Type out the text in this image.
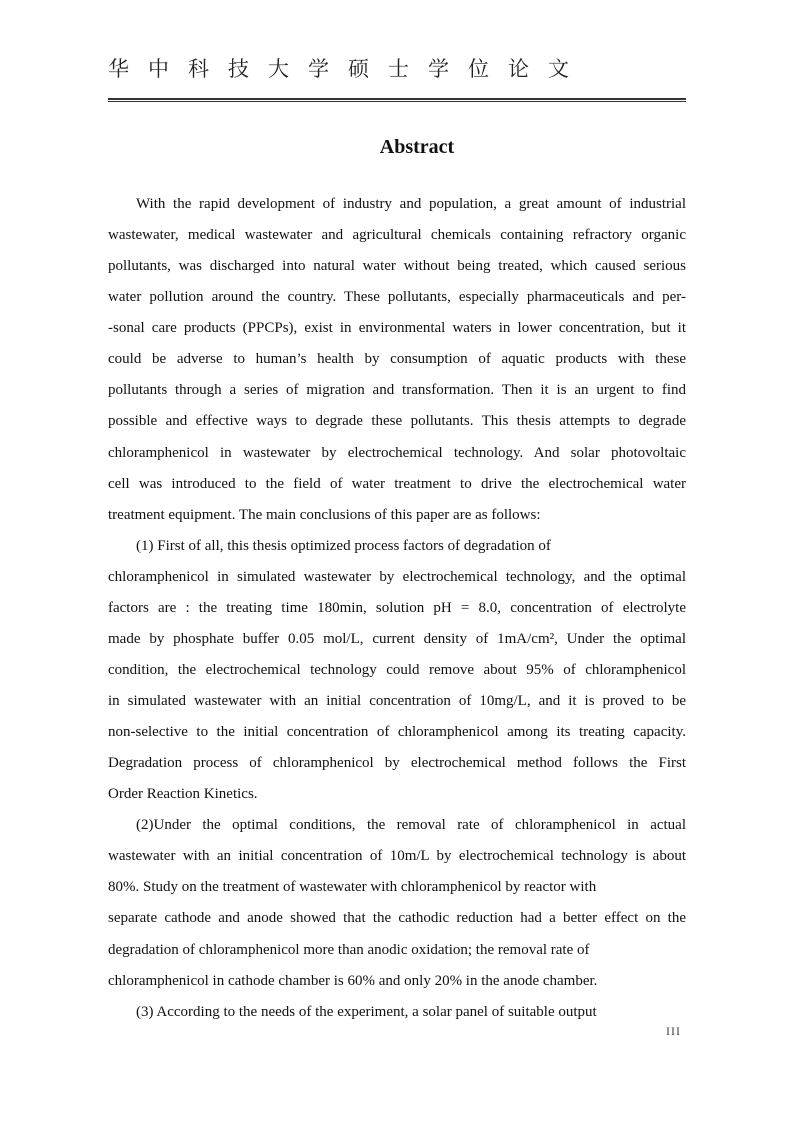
华中科技大学硕士学位论文
Abstract
With the rapid development of industry and population, a great amount of industrial
wastewater, medical wastewater and agricultural chemicals containing refractory organic
pollutants, was discharged into natural water without being treated, which caused serious
water pollution around the country. These pollutants, especially pharmaceuticals and per-
-sonal care products (PPCPs), exist in environmental waters in lower concentration, but it
could be adverse to human’s health by consumption of aquatic products with these
pollutants through a series of migration and transformation. Then it is an urgent to find
possible and effective ways to degrade these pollutants. This thesis attempts to degrade
chloramphenicol in wastewater by electrochemical technology. And solar photovoltaic
cell was introduced to the field of water treatment to drive the electrochemical water
treatment equipment. The main conclusions of this paper are as follows:
(1) First of all, this thesis optimized process factors of degradation of
chloramphenicol in simulated wastewater by electrochemical technology, and the optimal
factors are : the treating time 180min, solution pH = 8.0, concentration of electrolyte
made by phosphate buffer 0.05 mol/L, current density of 1mA/cm², Under the optimal
condition, the electrochemical technology could remove about 95% of chloramphenicol
in simulated wastewater with an initial concentration of 10mg/L, and it is proved to be
non-selective to the initial concentration of chloramphenicol among its treating capacity.
Degradation process of chloramphenicol by electrochemical method follows the First
Order Reaction Kinetics.
(2)Under the optimal conditions, the removal rate of chloramphenicol in actual
wastewater with an initial concentration of 10m/L by electrochemical technology is about
80%. Study on the treatment of wastewater with chloramphenicol by reactor with
separate cathode and anode showed that the cathodic reduction had a better effect on the
degradation of chloramphenicol more than anodic oxidation; the removal rate of
chloramphenicol in cathode chamber is 60% and only 20% in the anode chamber.
(3) According to the needs of the experiment, a solar panel of suitable output
III
